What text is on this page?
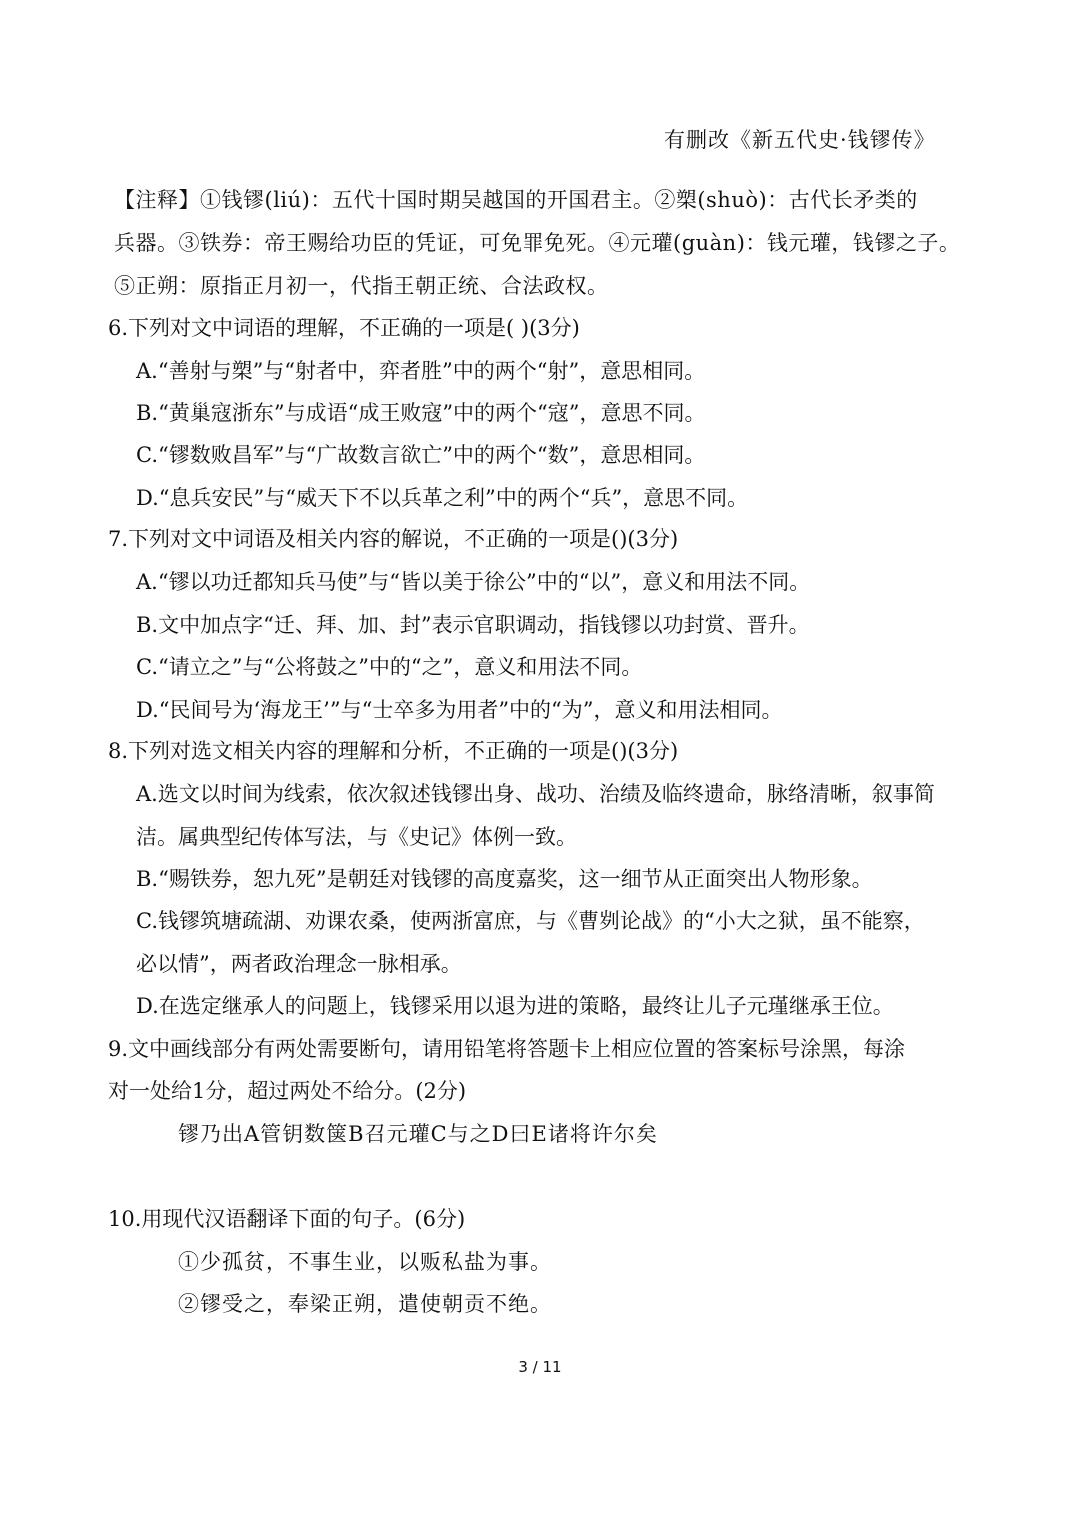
有删改《新五代史·钱镠传》
【注释】①钱镠(liú)：五代十国时期吴越国的开国君主。②槊(shuò)：古代长矛类的
兵器。③铁券：帝王赐给功臣的凭证，可免罪免死。④元瓘(guàn)：钱元瓘，钱镠之子。
⑤正朔：原指正月初一，代指王朝正统、合法政权。
6.下列对文中词语的理解，不正确的一项是( )(3分)
A.“善射与槊”与“射者中，弈者胜”中的两个“射”，意思相同。
B.“黄巢寇浙东”与成语“成王败寇”中的两个“寇”，意思不同。
C.“镠数败昌军”与“广故数言欲亡”中的两个“数”，意思相同。
D.“息兵安民”与“威天下不以兵革之利”中的两个“兵”，意思不同。
7.下列对文中词语及相关内容的解说，不正确的一项是()(3分)
A.“镠以功迁都知兵马使”与“皆以美于徐公”中的“以”，意义和用法不同。
B.文中加点字“迁、拜、加、封”表示官职调动，指钱镠以功封赏、晋升。
C.“请立之”与“公将鼓之”中的“之”，意义和用法不同。
D.“民间号为‘海龙王’”与“士卒多为用者”中的“为”，意义和用法相同。
8.下列对选文相关内容的理解和分析，不正确的一项是()(3分)
A.选文以时间为线索，依次叙述钱镠出身、战功、治绩及临终遗命，脉络清晰，叙事简
洁。属典型纪传体写法，与《史记》体例一致。
B.“赐铁券，恕九死”是朝廷对钱镠的高度嘉奖，这一细节从正面突出人物形象。
C.钱镠筑塘疏湖、劝课农桑，使两浙富庶，与《曹刿论战》的“小大之狱，虽不能察，
必以情”，两者政治理念一脉相承。
D.在选定继承人的问题上，钱镠采用以退为进的策略，最终让儿子元瑾继承王位。
9.文中画线部分有两处需要断句，请用铅笔将答题卡上相应位置的答案标号涂黑，每涂
对一处给1分，超过两处不给分。(2分)
镠乃出A管钥数箧B召元瓘C与之D曰E诸将许尔矣
10.用现代汉语翻译下面的句子。(6分)
①少孤贫，不事生业，以贩私盐为事。
②镠受之，奉梁正朔，遣使朝贡不绝。
3 / 11
